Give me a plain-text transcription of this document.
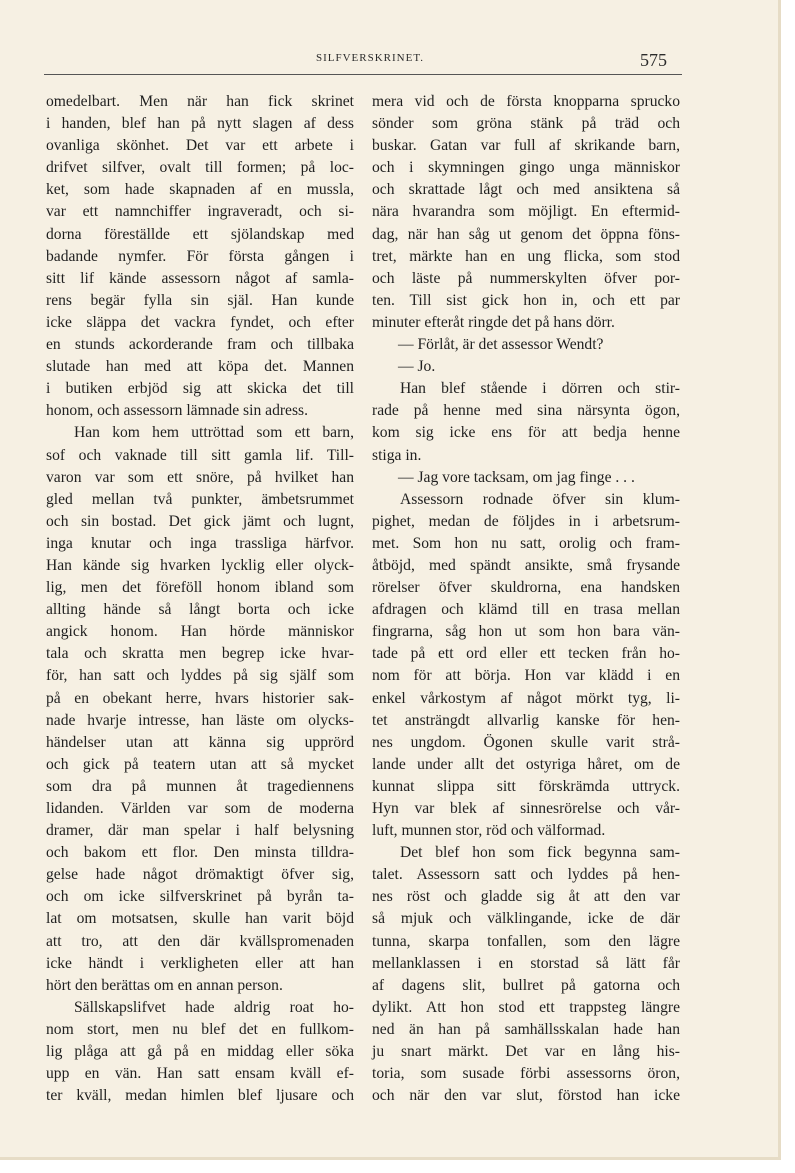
SILFVERSKRINET.	575
omedelbart. Men när han fick skrinet
i handen, blef han på nytt slagen af dess
ovanliga skönhet. Det var ett arbete i
drifvet silfver, ovalt till formen; på loc-
ket, som hade skapnaden af en mussla,
var ett namnchiffer ingraveradt, och si-
dorna föreställde ett sjölandskap med
badande nymfer. För första gången i
sitt lif kände assessorn något af samla-
rens begär fylla sin själ. Han kunde
icke släppa det vackra fyndet, och efter
en stunds ackorderande fram och tillbaka
slutade han med att köpa det. Mannen
i butiken erbjöd sig att skicka det till
honom, och assessorn lämnade sin adress.
Han kom hem uttröttad som ett barn,
sof och vaknade till sitt gamla lif. Till-
varon var som ett snöre, på hvilket han
gled mellan två punkter, ämbetsrummet
och sin bostad. Det gick jämt och lugnt,
inga knutar och inga trassliga härfvor.
Han kände sig hvarken lycklig eller olyck-
lig, men det föreföll honom ibland som
allting hände så långt borta och icke
angick honom. Han hörde människor
tala och skratta men begrep icke hvar-
för, han satt och lyddes på sig själf som
på en obekant herre, hvars historier sak-
nade hvarje intresse, han läste om olycks-
händelser utan att känna sig upprörd
och gick på teatern utan att så mycket
som dra på munnen åt tragediennens
lidanden. Världen var som de moderna
dramer, där man spelar i half belysning
och bakom ett flor. Den minsta tilldra-
gelse hade något drömaktigt öfver sig,
och om icke silfverskrinet på byrån ta-
lat om motsatsen, skulle han varit böjd
att tro, att den där kvällspromenaden
icke händt i verkligheten eller att han
hört den berättas om en annan person.
Sällskapslifvet hade aldrig roat ho-
nom stort, men nu blef det en fullkom-
lig plåga att gå på en middag eller söka
upp en vän. Han satt ensam kväll ef-
ter kväll, medan himlen blef ljusare och
mera vid och de första knopparna sprucko
sönder som gröna stänk på träd och
buskar. Gatan var full af skrikande barn,
och i skymningen gingo unga människor
och skrattade lågt och med ansiktena så
nära hvarandra som möjligt. En eftermid-
dag, när han såg ut genom det öppna föns-
tret, märkte han en ung flicka, som stod
och läste på nummerskylten öfver por-
ten. Till sist gick hon in, och ett par
minuter efteråt ringde det på hans dörr.
— Förlåt, är det assessor Wendt?
— Jo.
Han blef stående i dörren och stir-
rade på henne med sina närsynta ögon,
kom sig icke ens för att bedja henne
stiga in.
— Jag vore tacksam, om jag finge . . .
Assessorn rodnade öfver sin klum-
pighet, medan de följdes in i arbetsrum-
met. Som hon nu satt, orolig och fram-
åtböjd, med spändt ansikte, små frysande
rörelser öfver skuldrorna, ena handsken
afdragen och klämd till en trasa mellan
fingrarna, såg hon ut som hon bara vän-
tade på ett ord eller ett tecken från ho-
nom för att börja. Hon var klädd i en
enkel vårkostym af något mörkt tyg, li-
tet ansträngdt allvarlig kanske för hen-
nes ungdom. Ögonen skulle varit strå-
lande under allt det ostyriga håret, om de
kunnat slippa sitt förskrämda uttryck.
Hyn var blek af sinnesrörelse och vår-
luft, munnen stor, röd och välformad.
Det blef hon som fick begynna sam-
talet. Assessorn satt och lyddes på hen-
nes röst och gladde sig åt att den var
så mjuk och välklingande, icke de där
tunna, skarpa tonfallen, som den lägre
mellanklassen i en storstad så lätt får
af dagens slit, bullret på gatorna och
dylikt. Att hon stod ett trappsteg längre
ned än han på samhällsskalan hade han
ju snart märkt. Det var en lång his-
toria, som susade förbi assessorns öron,
och när den var slut, förstod han icke
